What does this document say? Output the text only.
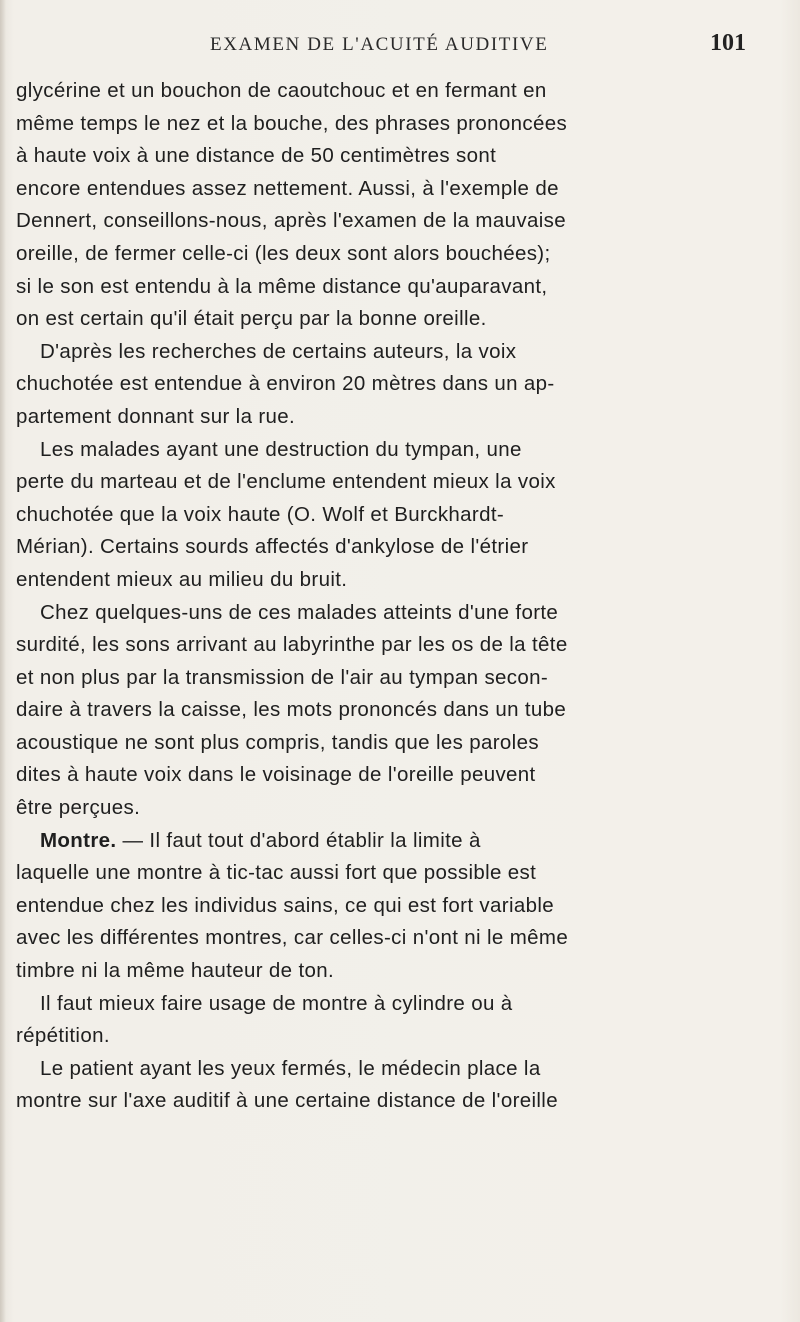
EXAMEN DE L'ACUITÉ AUDITIVE	101
glycérine et un bouchon de caoutchouc et en fermant en
même temps le nez et la bouche, des phrases prononcées
à haute voix à une distance de 50 centimètres sont
encore entendues assez nettement. Aussi, à l'exemple de
Dennert, conseillons-nous, après l'examen de la mauvaise
oreille, de fermer celle-ci (les deux sont alors bouchées);
si le son est entendu à la même distance qu'auparavant,
on est certain qu'il était perçu par la bonne oreille.
D'après les recherches de certains auteurs, la voix
chuchotée est entendue à environ 20 mètres dans un ap-
partement donnant sur la rue.
Les malades ayant une destruction du tympan, une
perte du marteau et de l'enclume entendent mieux la voix
chuchotée que la voix haute (O. Wolf et Burckhardt-
Mérian). Certains sourds affectés d'ankylose de l'étrier
entendent mieux au milieu du bruit.
Chez quelques-uns de ces malades atteints d'une forte
surdité, les sons arrivant au labyrinthe par les os de la tête
et non plus par la transmission de l'air au tympan secon-
daire à travers la caisse, les mots prononcés dans un tube
acoustique ne sont plus compris, tandis que les paroles
dites à haute voix dans le voisinage de l'oreille peuvent
être perçues.
Montre. — Il faut tout d'abord établir la limite à
laquelle une montre à tic-tac aussi fort que possible est
entendue chez les individus sains, ce qui est fort variable
avec les différentes montres, car celles-ci n'ont ni le même
timbre ni la même hauteur de ton.
Il faut mieux faire usage de montre à cylindre ou à
répétition.
Le patient ayant les yeux fermés, le médecin place la
montre sur l'axe auditif à une certaine distance de l'oreille
